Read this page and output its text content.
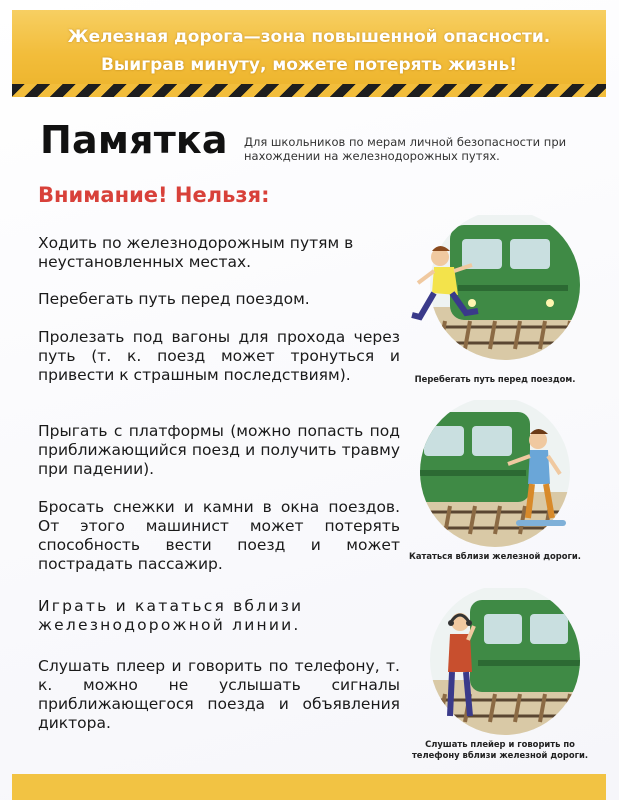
Железная дорога—зона повышенной опасности.
Выиграв минуту, можете потерять жизнь!
Памятка Для школьников по мерам личной безопасности при нахождении на железнодорожных путях.
Внимание! Нельзя:

Ходить по железнодорожным путям в неустановленных местах.

Перебегать путь перед поездом.

Пролезать под вагоны для прохода через путь (т. к. поезд может тронуться и привести к страшным последствиям).

Прыгать с платформы (можно попасть под приближающийся поезд и получить травму при падении).

Бросать снежки и камни в окна поездов. От этого машинист может потерять способность вести поезд и может пострадать пассажир.

Играть и кататься вблизи железнодорожной линии.

Слушать плеер и говорить по телефону, т. к. можно не услышать сигналы приближающегося поезда и объявления диктора.

Перебегать путь перед поездом.
Кататься вблизи железной дороги.
Слушать плейер и говорить по телефону вблизи железной дороги.
